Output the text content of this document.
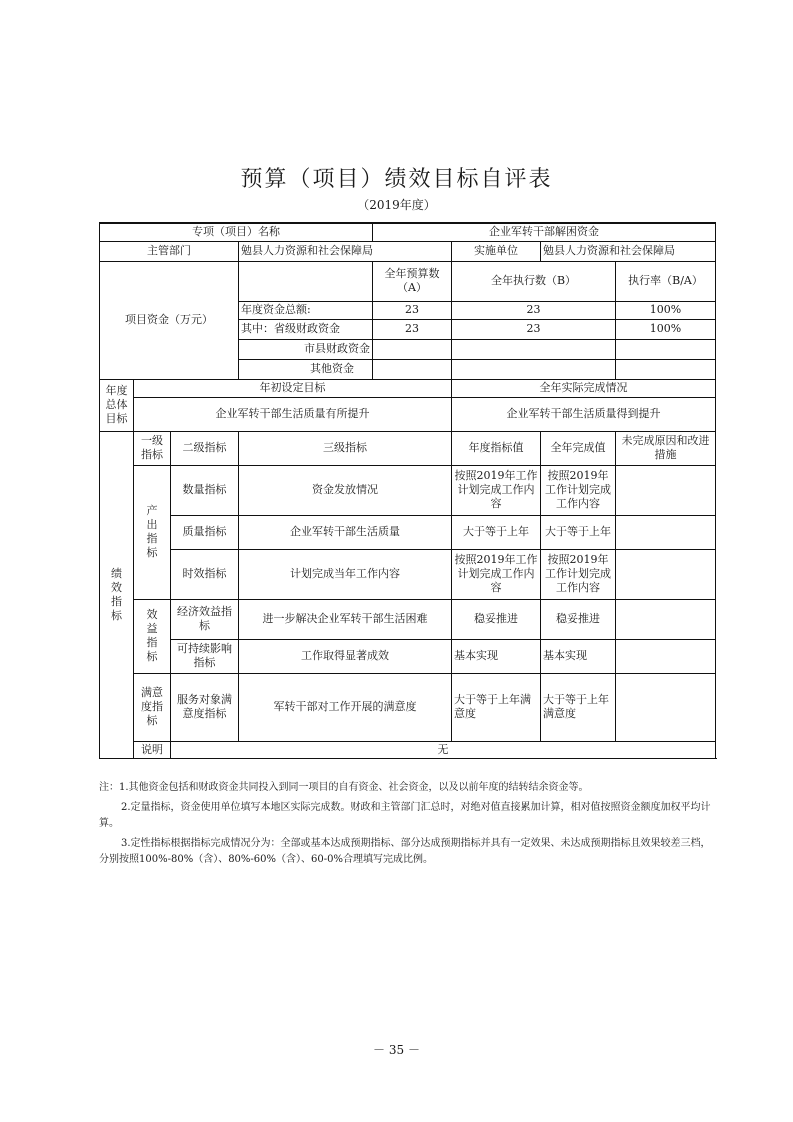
预算（项目）绩效目标自评表
（2019年度）
专项（项目）名称				企业军转干部解困资金			
主管部门			勉县人力资源和社会保障局		实施单位	勉县人力资源和社会保障局	
项目资金（万元）				全年预算数（A）	全年执行数（B）		执行率（B/A）
			年度资金总额:	23	23		100%
			其中：省级财政资金	23	23		100%
			市县财政资金				
			其他资金				
年度总体目标	年初设定目标				全年实际完成情况		
	企业军转干部生活质量有所提升				企业军转干部生活质量得到提升		
绩效指标	一级指标	二级指标	三级指标		年度指标值	全年完成值	未完成原因和改进措施
	产出指标	数量指标	资金发放情况		按照2019年工作计划完成工作内容	按照2019年工作计划完成工作内容	
		质量指标	企业军转干部生活质量		大于等于上年	大于等于上年	
		时效指标	计划完成当年工作内容		按照2019年工作计划完成工作内容	按照2019年工作计划完成工作内容	
	效益指标	经济效益指标	进一步解决企业军转干部生活困难		稳妥推进	稳妥推进	
		可持续影响指标	工作取得显著成效		基本实现	基本实现	
	满意度指标	服务对象满意度指标	军转干部对工作开展的满意度		大于等于上年满意度	大于等于上年满意度	
	说明	无					

注：1.其他资金包括和财政资金共同投入到同一项目的自有资金、社会资金，以及以前年度的结转结余资金等。

2.定量指标，资金使用单位填写本地区实际完成数。财政和主管部门汇总时，对绝对值直接累加计算，相对值按照资金额度加权平均计算。

3.定性指标根据指标完成情况分为：全部或基本达成预期指标、部分达成预期指标并具有一定效果、未达成预期指标且效果较差三档，分别按照100%-80%（含）、80%-60%（含）、60-0%合理填写完成比例。

－ 35 －
